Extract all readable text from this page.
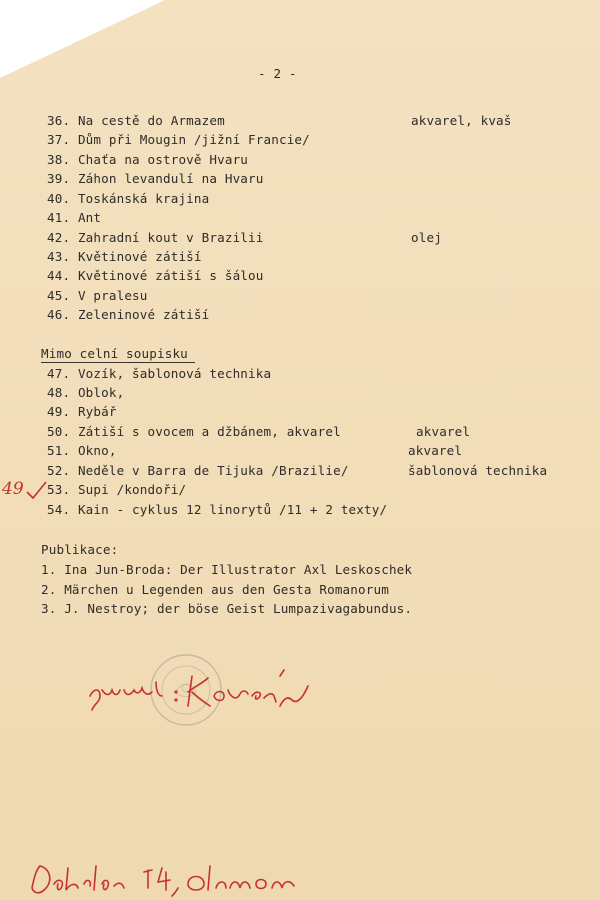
- 2 -
36. Na cestě do Armazem	akvarel, kvaš
37. Dům při Mougin /jižní Francie/
38. Chaťa na ostrově Hvaru
39. Záhon levandulí na Hvaru
40. Toskánská krajina
41. Ant
42. Zahradní kout v Brazilii	olej
43. Květinové zátiší
44. Květinové zátiší s šálou
45. V pralesu
46. Zeleninové zátiší
Mimo celní soupisku
47. Vozík, šablonová technika
48. Oblok,
49. Rybář
50. Zátiší s ovocem a džbánem, akvarel	akvarel
51. Okno,	akvarel
52. Neděle v Barra de Tijuka /Brazilie/	šablonová technika
53. Supi /kondoři/
54. Kain - cyklus 12 linorytů /11 + 2 texty/
49
Publikace:
1. Ina Jun-Broda: Der Illustrator Axl Leskoschek
2. Märchen u Legenden aus den Gesta Romanorum
3. J. Nestroy; der böse Geist Lumpazivagabundus.
